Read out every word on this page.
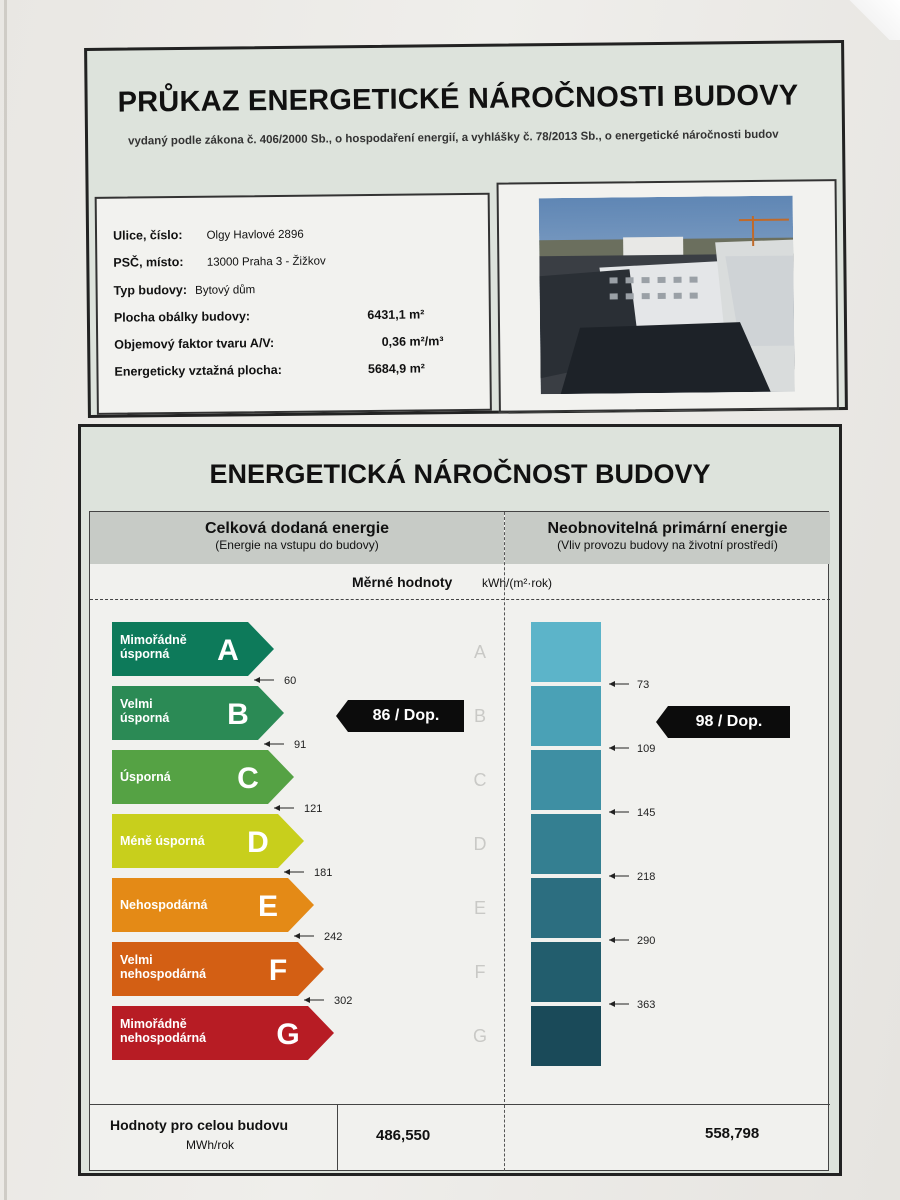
PRŮKAZ ENERGETICKÉ NÁROČNOSTI BUDOVY
vydaný podle zákona č. 406/2000 Sb., o hospodaření energií, a vyhlášky č. 78/2013 Sb., o energetické náročnosti budov
Ulice, číslo: Olgy Havlové 2896
PSČ, místo: 13000 Praha 3 - Žižkov
Typ budovy: Bytový dům
Plocha obálky budovy:	6431,1 m²
Objemový faktor tvaru A/V:	0,36 m²/m³
Energeticky vztažná plocha:	5684,9 m²
ENERGETICKÁ NÁROČNOST BUDOVY
Celková dodaná energie
(Energie na vstupu do budovy)
Neobnovitelná primární energie
(Vliv provozu budovy na životní prostředí)
Měrné hodnoty kWh/(m²·rok)
Mimořádně
úsporná A	A
Velmi
úsporná B	B
Úsporná C	C
Méně úsporná D	D
Nehospodárná E	E
Velmi
nehospodárná F	F
Mimořádně
nehospodárná G	G
60
91
121
181
242
302
73
109
145
218
290
363
86 / Dop.	98 / Dop.
Hodnoty pro celou budovu
MWh/rok
486,550	558,798
